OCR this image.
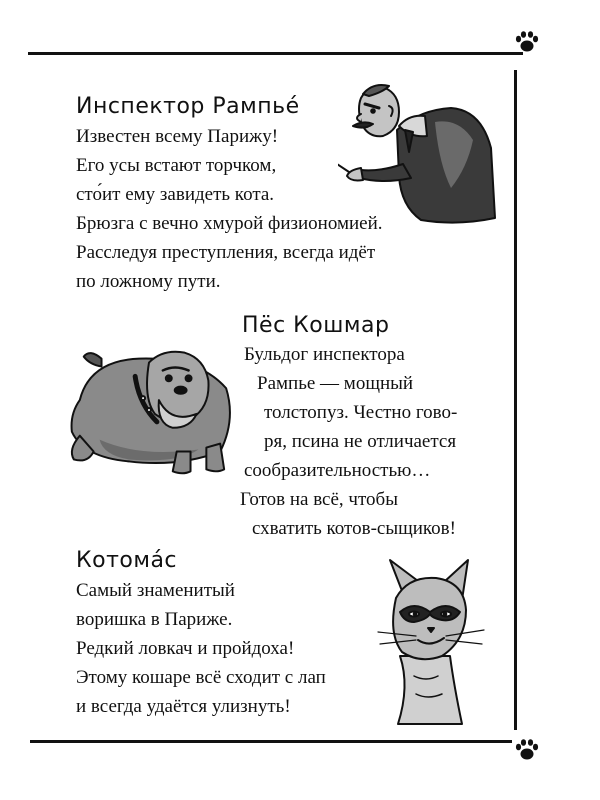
Инспектор Рампье́
Известен всему Парижу!
Его усы встают торчком,
сто́ит ему завидеть кота.
Брюзга с вечно хмурой физиономией.
Расследуя преступления, всегда идёт
по ложному пути.
Пёс Кошмар
Бульдог инспектора
Рампье — мощный
толстопуз. Честно гово-
ря, псина не отличается
сообразительностью…
Готов на всё, чтобы
схватить котов-сыщиков!
Котома́с
Самый знаменитый
воришка в Париже.
Редкий ловкач и пройдоха!
Этому кошаре всё сходит с лап
и всегда удаётся улизнуть!
